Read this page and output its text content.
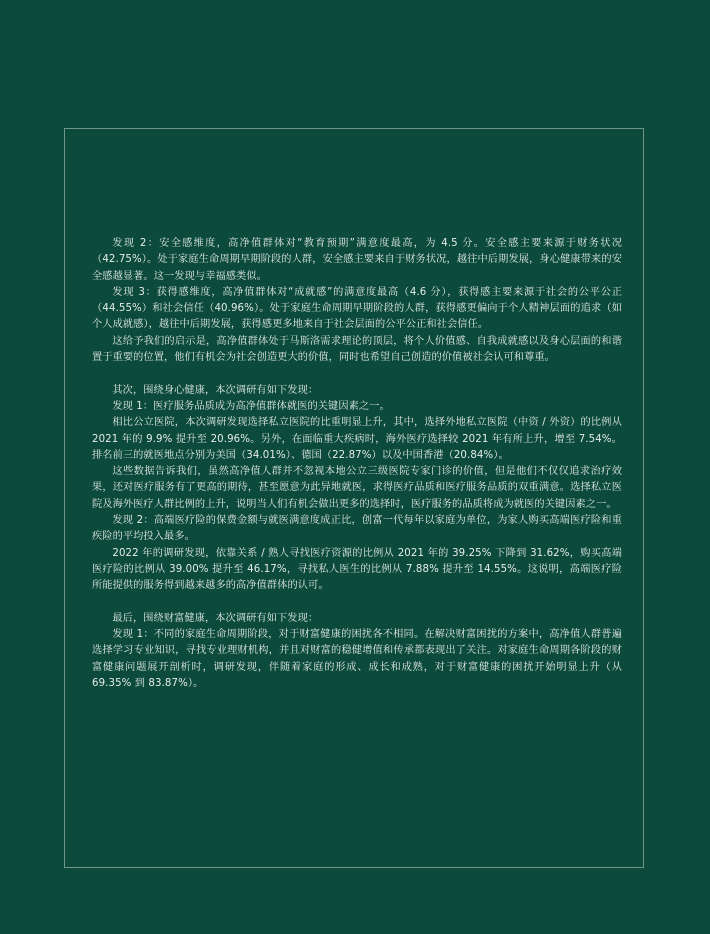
发现 2：安全感维度，高净值群体对“教育预期”满意度最高，为 4.5 分。安全感主要来源于财务状况（42.75%）。处于家庭生命周期早期阶段的人群，安全感主要来自于财务状况，越往中后期发展，身心健康带来的安全感越显著。这一发现与幸福感类似。

发现 3：获得感维度，高净值群体对“成就感”的满意度最高（4.6 分），获得感主要来源于社会的公平公正（44.55%）和社会信任（40.96%）。处于家庭生命周期早期阶段的人群，获得感更偏向于个人精神层面的追求（如个人成就感），越往中后期发展，获得感更多地来自于社会层面的公平公正和社会信任。

这给予我们的启示是，高净值群体处于马斯洛需求理论的顶层，将个人价值感、自我成就感以及身心层面的和谐置于重要的位置，他们有机会为社会创造更大的价值，同时也希望自己创造的价值被社会认可和尊重。

其次，围绕身心健康，本次调研有如下发现：

发现 1：医疗服务品质成为高净值群体就医的关键因素之一。

相比公立医院，本次调研发现选择私立医院的比重明显上升，其中，选择外地私立医院（中资 / 外资）的比例从 2021 年的 9.9% 提升至 20.96%。另外，在面临重大疾病时，海外医疗选择较 2021 年有所上升，增至 7.54%。排名前三的就医地点分别为美国（34.01%）、德国（22.87%）以及中国香港（20.84%）。

这些数据告诉我们，虽然高净值人群并不忽视本地公立三级医院专家门诊的价值，但是他们不仅仅追求治疗效果，还对医疗服务有了更高的期待，甚至愿意为此异地就医，求得医疗品质和医疗服务品质的双重满意。选择私立医院及海外医疗人群比例的上升，说明当人们有机会做出更多的选择时，医疗服务的品质将成为就医的关键因素之一。

发现 2：高端医疗险的保费金额与就医满意度成正比，创富一代每年以家庭为单位，为家人购买高端医疗险和重疾险的平均投入最多。

2022 年的调研发现，依靠关系 / 熟人寻找医疗资源的比例从 2021 年的 39.25% 下降到 31.62%，购买高端医疗险的比例从 39.00% 提升至 46.17%，寻找私人医生的比例从 7.88% 提升至 14.55%。这说明，高端医疗险所能提供的服务得到越来越多的高净值群体的认可。

最后，围绕财富健康，本次调研有如下发现：

发现 1：不同的家庭生命周期阶段，对于财富健康的困扰各不相同。在解决财富困扰的方案中，高净值人群普遍选择学习专业知识，寻找专业理财机构，并且对财富的稳健增值和传承都表现出了关注。对家庭生命周期各阶段的财富健康问题展开剖析时，调研发现，伴随着家庭的形成、成长和成熟，对于财富健康的困扰开始明显上升（从 69.35% 到 83.87%）。
